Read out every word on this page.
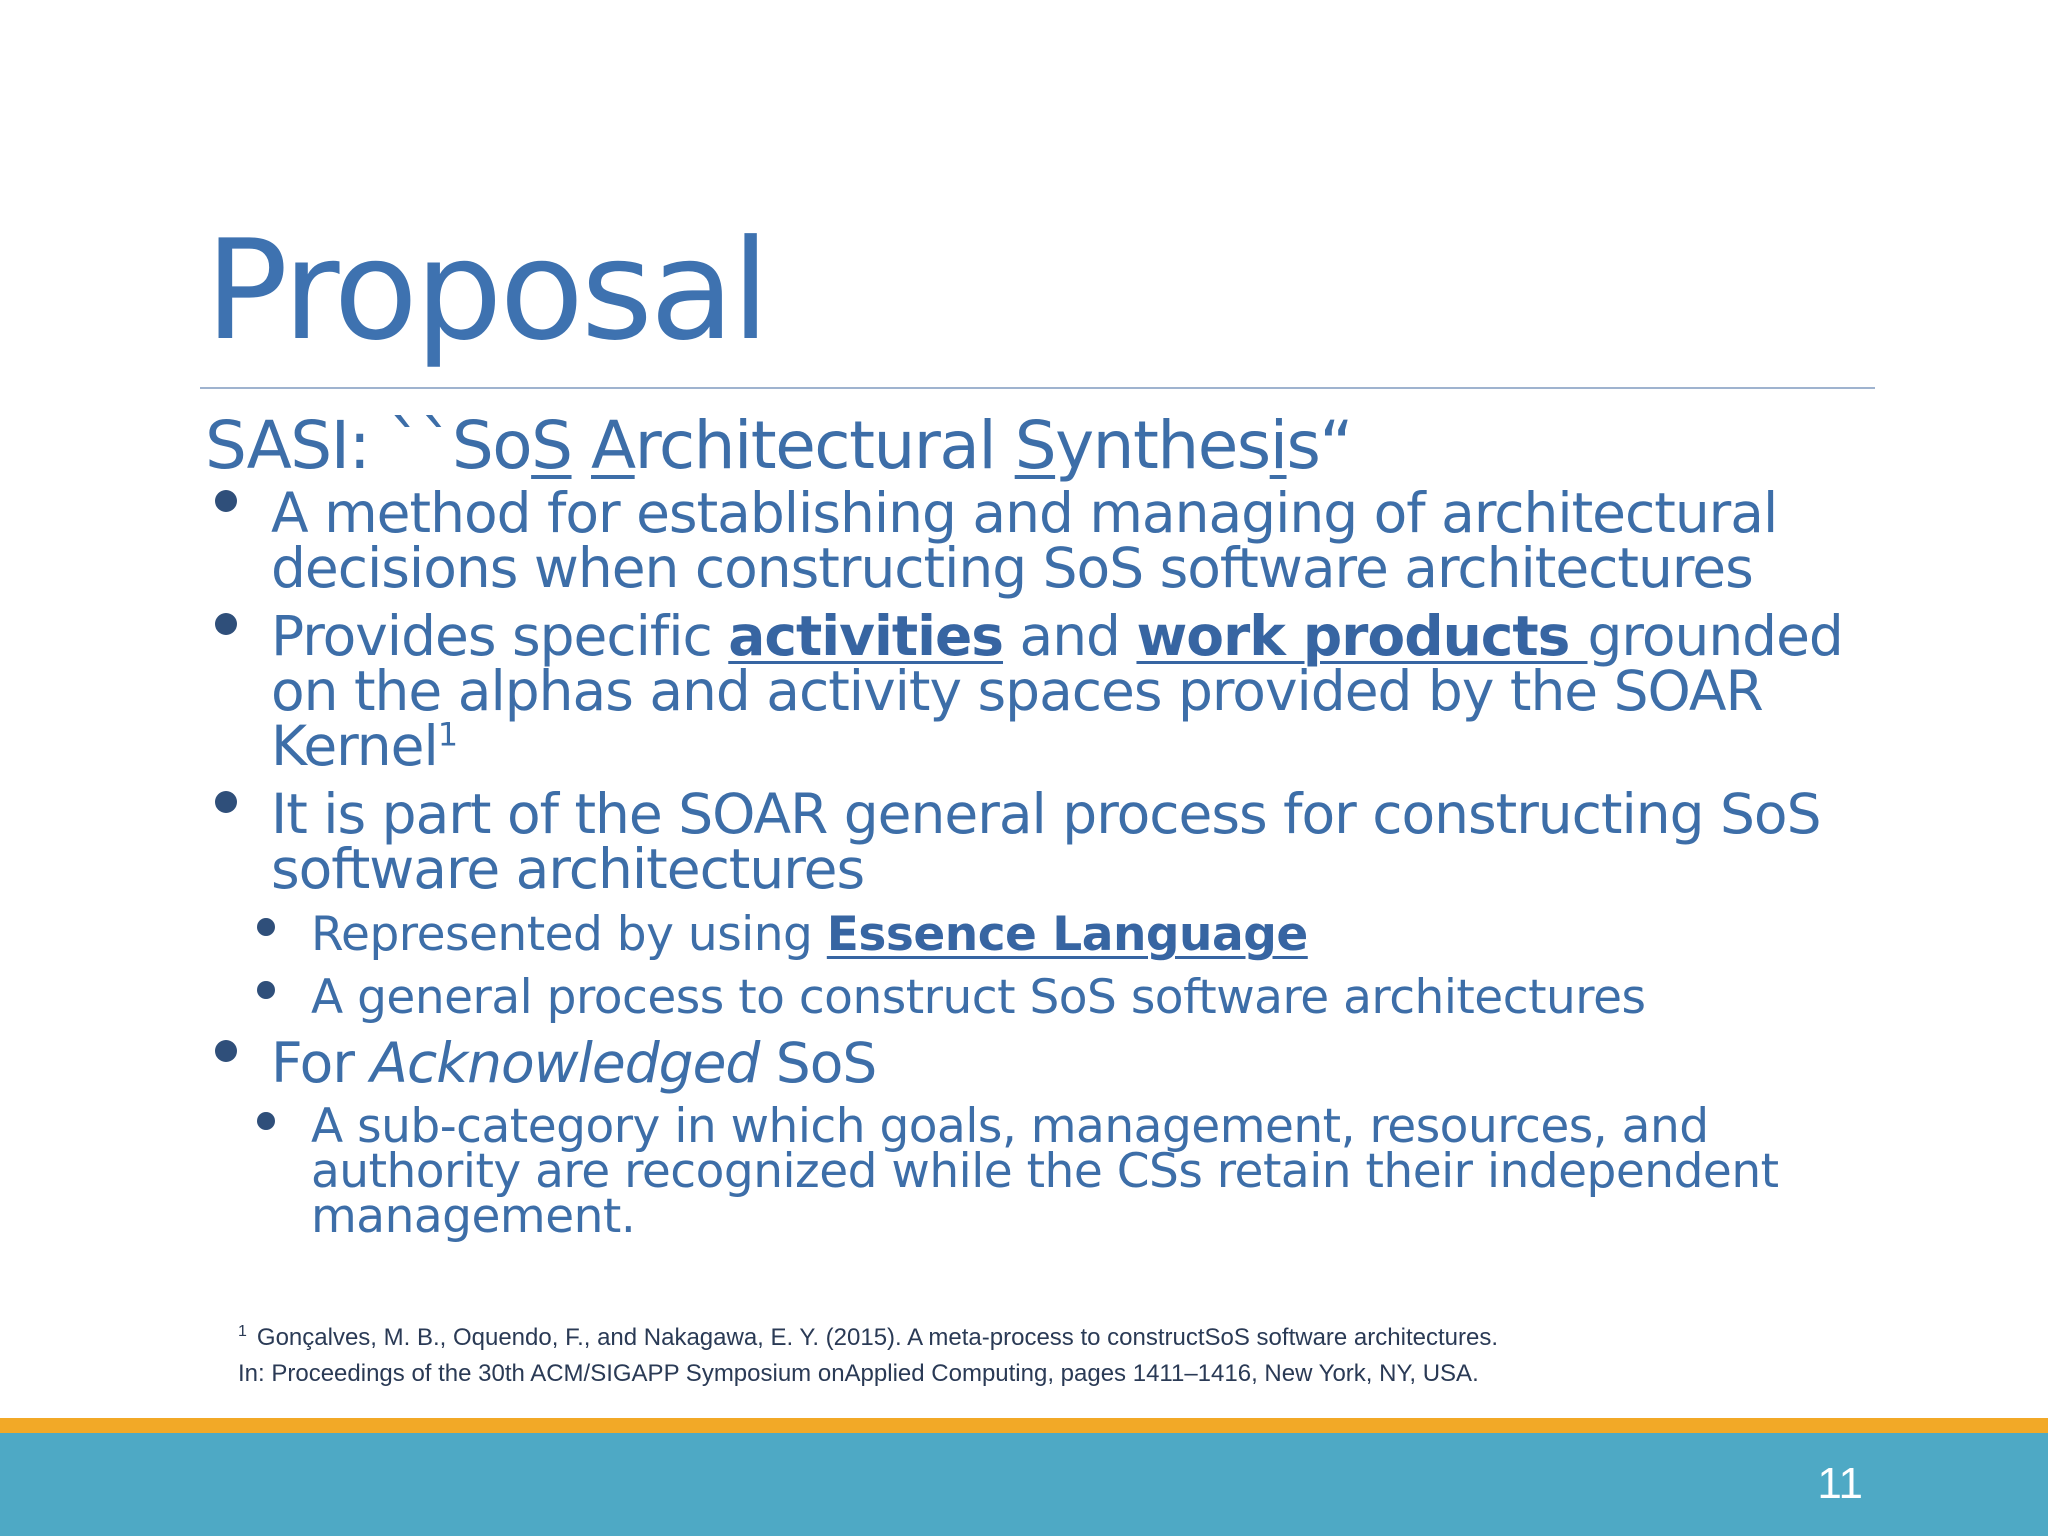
Proposal
SASI: ``SoS Architectural Synthesis“
A method for establishing and managing of architectural decisions when constructing SoS software architectures
Provides specific activities and work products grounded on the alphas and activity spaces provided by the SOAR Kernel$^1$
It is part of the SOAR general process for constructing SoS software architectures
Represented by using Essence Language
A general process to construct SoS software architectures
For Acknowledged SoS
A sub-category in which goals, management, resources, and authority are recognized while the CSs retain their independent management.
$^1$ Gonçalves, M. B., Oquendo, F., and Nakagawa, E. Y. (2015). A meta-process to constructSoS software architectures.
In: Proceedings of the 30th ACM/SIGAPP Symposium onApplied Computing, pages 1411–1416, New York, NY, USA.
11
